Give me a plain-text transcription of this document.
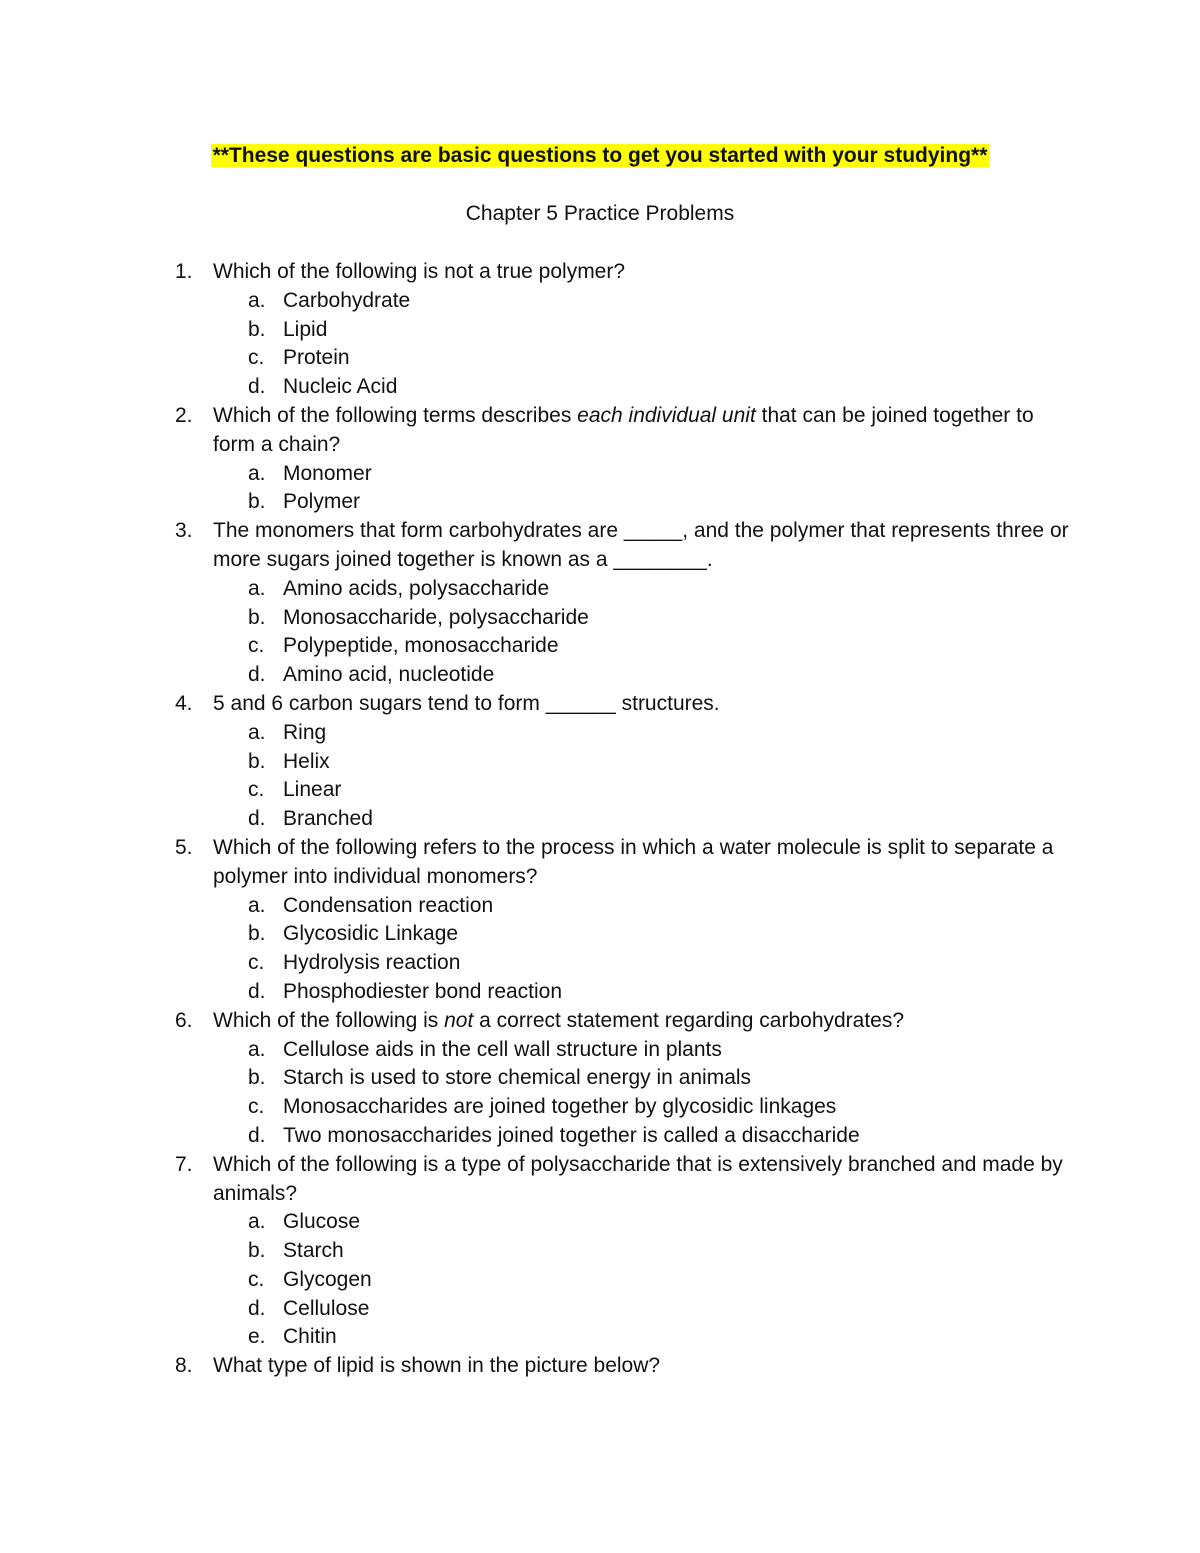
**These questions are basic questions to get you started with your studying**
Chapter 5 Practice Problems
1. Which of the following is not a true polymer?
a. Carbohydrate
b. Lipid
c. Protein
d. Nucleic Acid
2. Which of the following terms describes each individual unit that can be joined together to form a chain?
a. Monomer
b. Polymer
3. The monomers that form carbohydrates are _____, and the polymer that represents three or more sugars joined together is known as a ________.
a. Amino acids, polysaccharide
b. Monosaccharide, polysaccharide
c. Polypeptide, monosaccharide
d. Amino acid, nucleotide
4. 5 and 6 carbon sugars tend to form ______ structures.
a. Ring
b. Helix
c. Linear
d. Branched
5. Which of the following refers to the process in which a water molecule is split to separate a polymer into individual monomers?
a. Condensation reaction
b. Glycosidic Linkage
c. Hydrolysis reaction
d. Phosphodiester bond reaction
6. Which of the following is not a correct statement regarding carbohydrates?
a. Cellulose aids in the cell wall structure in plants
b. Starch is used to store chemical energy in animals
c. Monosaccharides are joined together by glycosidic linkages
d. Two monosaccharides joined together is called a disaccharide
7. Which of the following is a type of polysaccharide that is extensively branched and made by animals?
a. Glucose
b. Starch
c. Glycogen
d. Cellulose
e. Chitin
8. What type of lipid is shown in the picture below?
